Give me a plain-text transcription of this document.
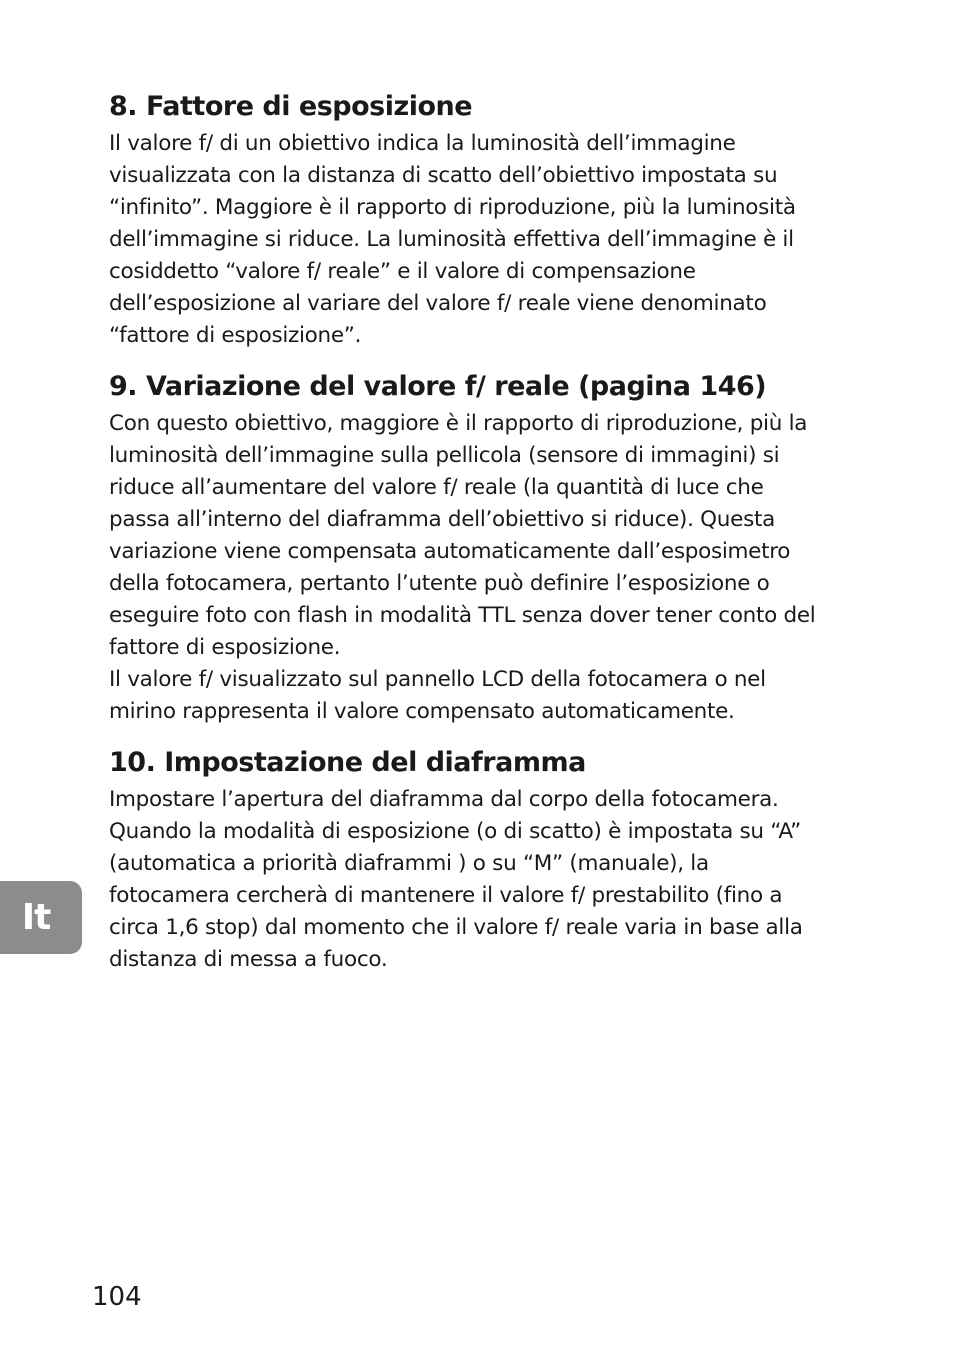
8. Fattore di esposizione

Il valore f/ di un obiettivo indica la luminosità dell’immagine

visualizzata con la distanza di scatto dell’obiettivo impostata su

“infinito”. Maggiore è il rapporto di riproduzione, più la luminosità

dell’immagine si riduce. La luminosità effettiva dell’immagine è il

cosiddetto “valore f/ reale” e il valore di compensazione

dell’esposizione al variare del valore f/ reale viene denominato

“fattore di esposizione”.

9. Variazione del valore f/ reale (pagina 146)

Con questo obiettivo, maggiore è il rapporto di riproduzione, più la

luminosità dell’immagine sulla pellicola (sensore di immagini) si

riduce all’aumentare del valore f/ reale (la quantità di luce che

passa all’interno del diaframma dell’obiettivo si riduce). Questa

variazione viene compensata automaticamente dall’esposimetro

della fotocamera, pertanto l’utente può definire l’esposizione o

eseguire foto con flash in modalità TTL senza dover tener conto del

fattore di esposizione.

Il valore f/ visualizzato sul pannello LCD della fotocamera o nel

mirino rappresenta il valore compensato automaticamente.

10. Impostazione del diaframma

Impostare l’apertura del diaframma dal corpo della fotocamera.

Quando la modalità di esposizione (o di scatto) è impostata su “A”

(automatica a priorità diaframmi ) o su “M” (manuale), la

fotocamera cercherà di mantenere il valore f/ prestabilito (fino a

circa 1,6 stop) dal momento che il valore f/ reale varia in base alla

distanza di messa a fuoco.

It
104
